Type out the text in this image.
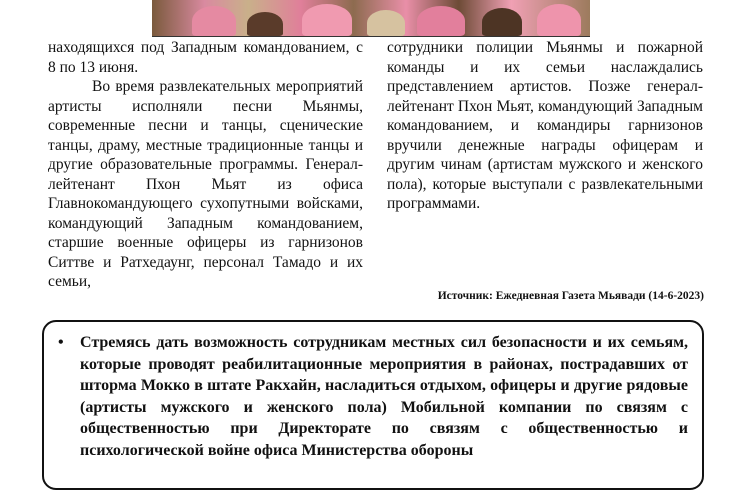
находящихся под Западным командованием, с 8 по 13 июня.

Во время развлекательных мероприятий артисты исполняли песни Мьянмы, современные песни и танцы, сценические танцы, драму, местные традиционные танцы и другие образовательные программы. Генерал-лейтенант Пхон Мьят из офиса Главнокомандующего сухопутными войсками, командующий Западным командованием, старшие военные офицеры из гарнизонов Ситтве и Ратхедаунг, персонал Тамадо и их семьи,

сотрудники полиции Мьянмы и пожарной команды и их семьи наслаждались представлением артистов. Позже генерал-лейтенант Пхон Мьят, командующий Западным командованием, и командиры гарнизонов вручили денежные награды офицерам и другим чинам (артистам мужского и женского пола), которые выступали с развлекательными программами.

Источник: Ежедневная Газета Мьявади (14-6-2023)

• Стремясь дать возможность сотрудникам местных сил безопасности и их семьям, которые проводят реабилитационные мероприятия в районах, пострадавших от шторма Мокко в штате Ракхайн, насладиться отдыхом, офицеры и другие рядовые (артисты мужского и женского пола) Мобильной компании по связям с общественностью при Директорате по связям с общественностью и психологической войне офиса Министерства обороны
